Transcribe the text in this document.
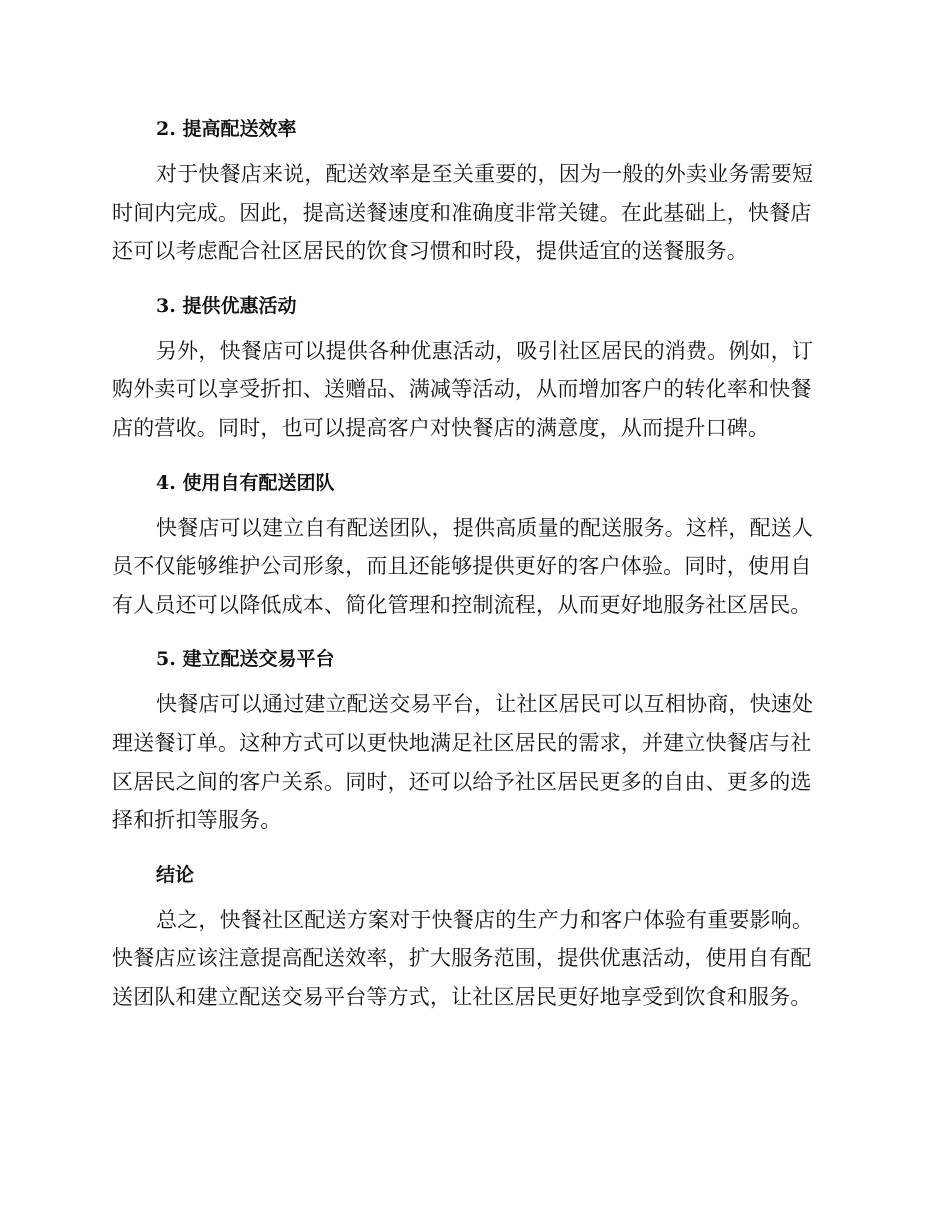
2. 提高配送效率

对于快餐店来说，配送效率是至关重要的，因为一般的外卖业务需要短
时间内完成。因此，提高送餐速度和准确度非常关键。在此基础上，快餐店
还可以考虑配合社区居民的饮食习惯和时段，提供适宜的送餐服务。

3. 提供优惠活动

另外，快餐店可以提供各种优惠活动，吸引社区居民的消费。例如，订
购外卖可以享受折扣、送赠品、满减等活动，从而增加客户的转化率和快餐
店的营收。同时，也可以提高客户对快餐店的满意度，从而提升口碑。

4. 使用自有配送团队

快餐店可以建立自有配送团队，提供高质量的配送服务。这样，配送人
员不仅能够维护公司形象，而且还能够提供更好的客户体验。同时，使用自
有人员还可以降低成本、简化管理和控制流程，从而更好地服务社区居民。

5. 建立配送交易平台

快餐店可以通过建立配送交易平台，让社区居民可以互相协商，快速处
理送餐订单。这种方式可以更快地满足社区居民的需求，并建立快餐店与社
区居民之间的客户关系。同时，还可以给予社区居民更多的自由、更多的选
择和折扣等服务。

结论

总之，快餐社区配送方案对于快餐店的生产力和客户体验有重要影响。
快餐店应该注意提高配送效率，扩大服务范围，提供优惠活动，使用自有配
送团队和建立配送交易平台等方式，让社区居民更好地享受到饮食和服务。
